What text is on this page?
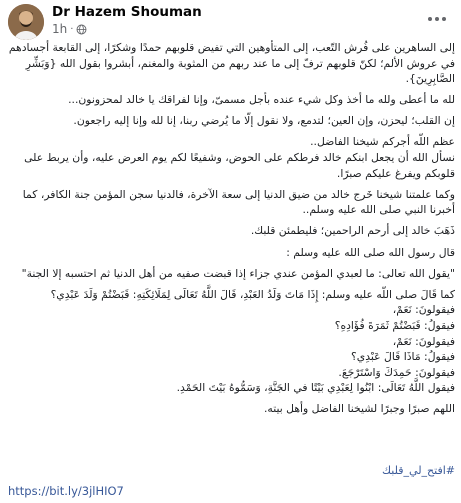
Dr Hazem Shouman
1h ·

إلى الساهرين على فُرش التّعب، إلى المتأوهين التي تفيض قلوبهم حمدًا وشكرًا، إلى القابعة أجسادهم في عروش الألم؛ لكنّ قلوبهم ترفّ إلى ما عند ربهم من المثوبة والمغنم، أبشروا بقول الله {وَبَشِّرِ الصَّابِرِينَ}.

لله ما أعطى ولله ما أخذ وكل شيء عنده بأجل مسمىّ، وإنا لفراقك يا خالد لمحزونون...

إن القلب؛ ليحزن، وإن العين؛ لتدمع، ولا نقول إلّا ما يُرضي ربنا، إنا لله وإنا إليه راجعون.

عظم اللّه أجركم شيخنا الفاضل..
نسأل الله أن يجعل ابنكم خالد فرطكم على الحوض، وشفيعًا لكم يوم العرض عليه، وأن يربط على قلوبكم ويفرغ عليكم صبرًا.

وكما علمتنا شيخنا خَرج خالد من ضيق الدنيا إلى سعة الآخرة، فالدنيا سجن المؤمن جنة الكافر، كما أخبرنا النبي صلى الله عليه وسلم..

ذَهَبَ خالد إلى أرحم الراحمين؛ فليطمئن قلبك.

قال رسول الله صلى الله عليه وسلم :

"يقول الله تعالى: ما لعبدي المؤمن عندي جزاء إذا قبضت صفيه من أهل الدنيا ثم احتسبه إلا الجنة"

كما قَالَ صلى اللّه عليه وسلم: إِذَا مَاتَ وَلَدُ العَبْدِ، قَالَ اللَّهُ تَعَالَى لِمَلَائِكَتِهِ: قَبَضْتُمْ وَلَدَ عَبْدِي؟
فيقولونَ: نَعَمْ،
فيقولُ: قَبَضْتُمْ ثَمَرَةَ فُؤَادِهِ؟
فيقولونَ: نَعَمْ،
فيقولُ: مَاذَا قَالَ عَبْدِي؟
فيقولونَ: حَمِدَكَ وَاسْتَرْجَعَ.
فيقول اللَّهُ تَعَالَى: ابْنُوا لِعَبْدِي بَيْتًا في الجَنَّةِ، وَسَمُّوهُ بَيْتَ الحَمْدِ.

اللهم صبرًا وجبرًا لشيخنا الفاضل وأهل بيته.

#افتح_لي_قلبك
https://bit.ly/3jlHIO7
